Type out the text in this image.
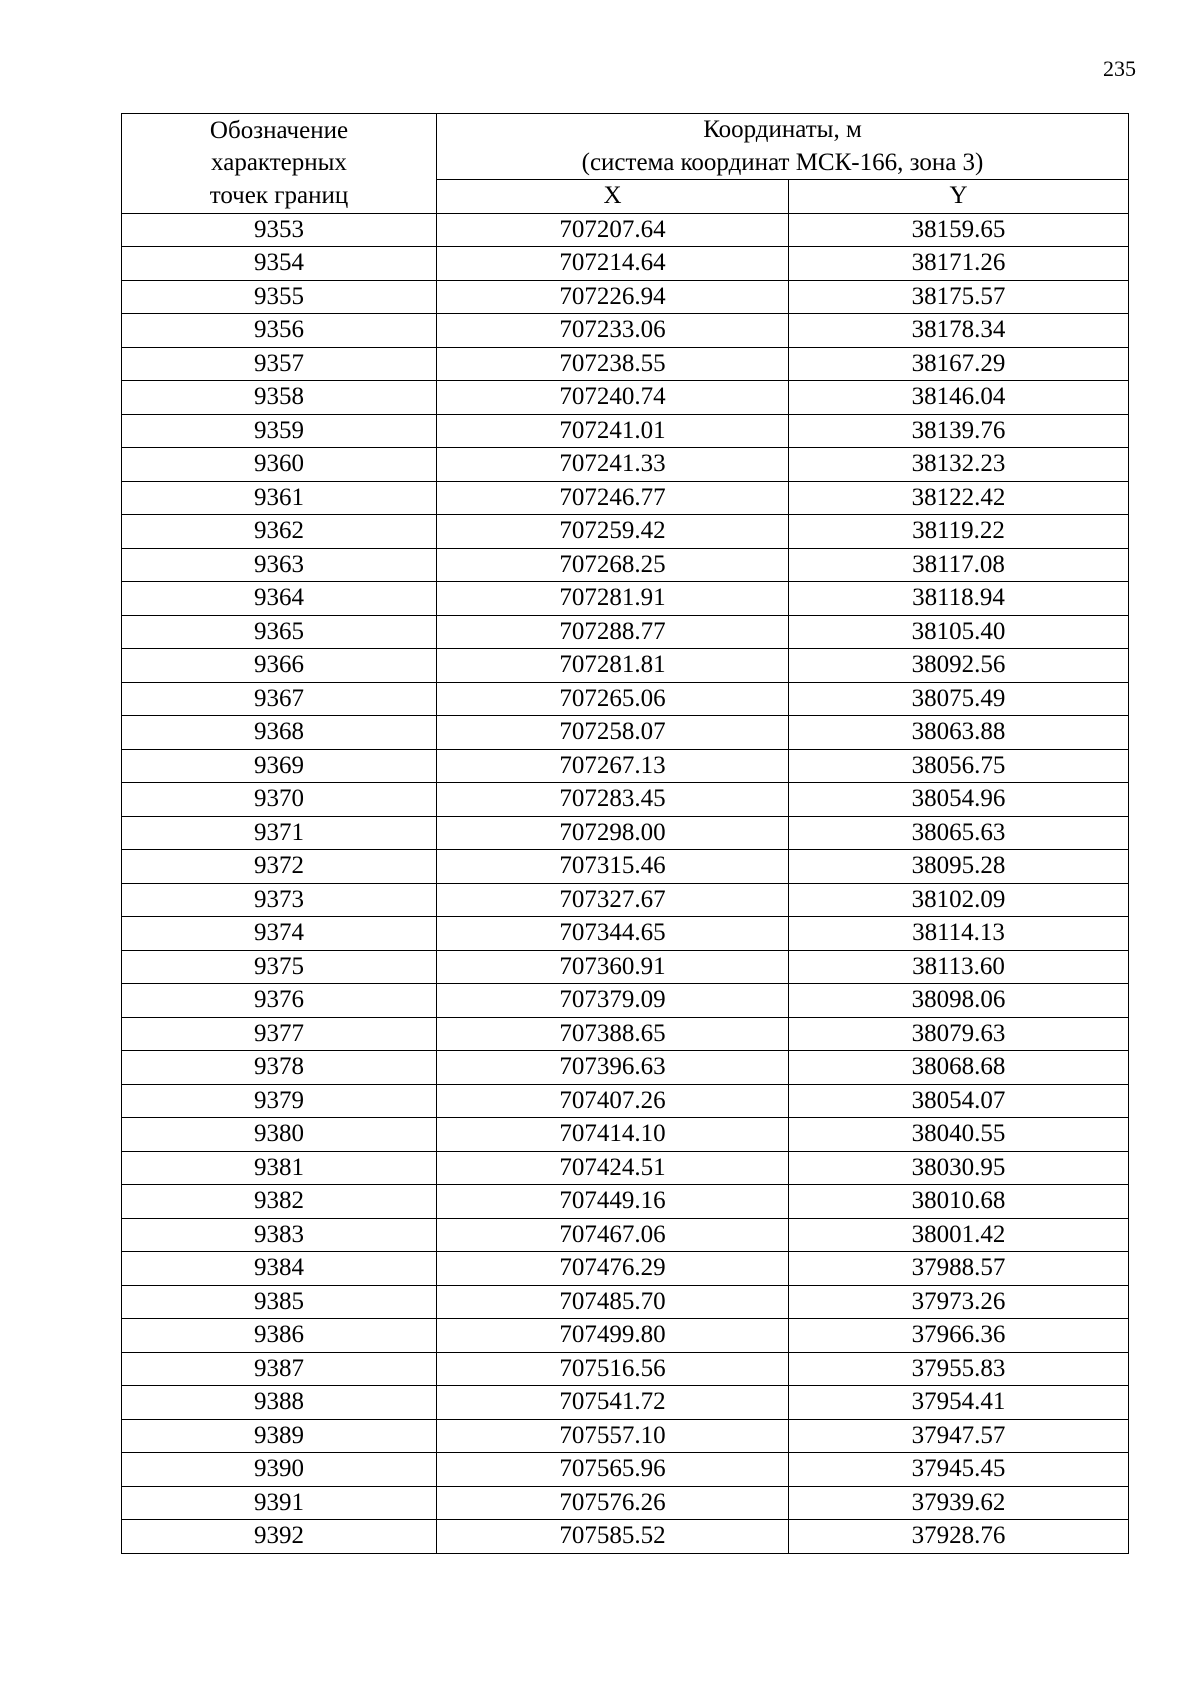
235
Обозначение
характерных
точек границ	Координаты, м
(система координат МСК-166, зона 3)	

	X	Y
9353	707207.64	38159.65
9354	707214.64	38171.26
9355	707226.94	38175.57
9356	707233.06	38178.34
9357	707238.55	38167.29
9358	707240.74	38146.04
9359	707241.01	38139.76
9360	707241.33	38132.23
9361	707246.77	38122.42
9362	707259.42	38119.22
9363	707268.25	38117.08
9364	707281.91	38118.94
9365	707288.77	38105.40
9366	707281.81	38092.56
9367	707265.06	38075.49
9368	707258.07	38063.88
9369	707267.13	38056.75
9370	707283.45	38054.96
9371	707298.00	38065.63
9372	707315.46	38095.28
9373	707327.67	38102.09
9374	707344.65	38114.13
9375	707360.91	38113.60
9376	707379.09	38098.06
9377	707388.65	38079.63
9378	707396.63	38068.68
9379	707407.26	38054.07
9380	707414.10	38040.55
9381	707424.51	38030.95
9382	707449.16	38010.68
9383	707467.06	38001.42
9384	707476.29	37988.57
9385	707485.70	37973.26
9386	707499.80	37966.36
9387	707516.56	37955.83
9388	707541.72	37954.41
9389	707557.10	37947.57
9390	707565.96	37945.45
9391	707576.26	37939.62
9392	707585.52	37928.76
